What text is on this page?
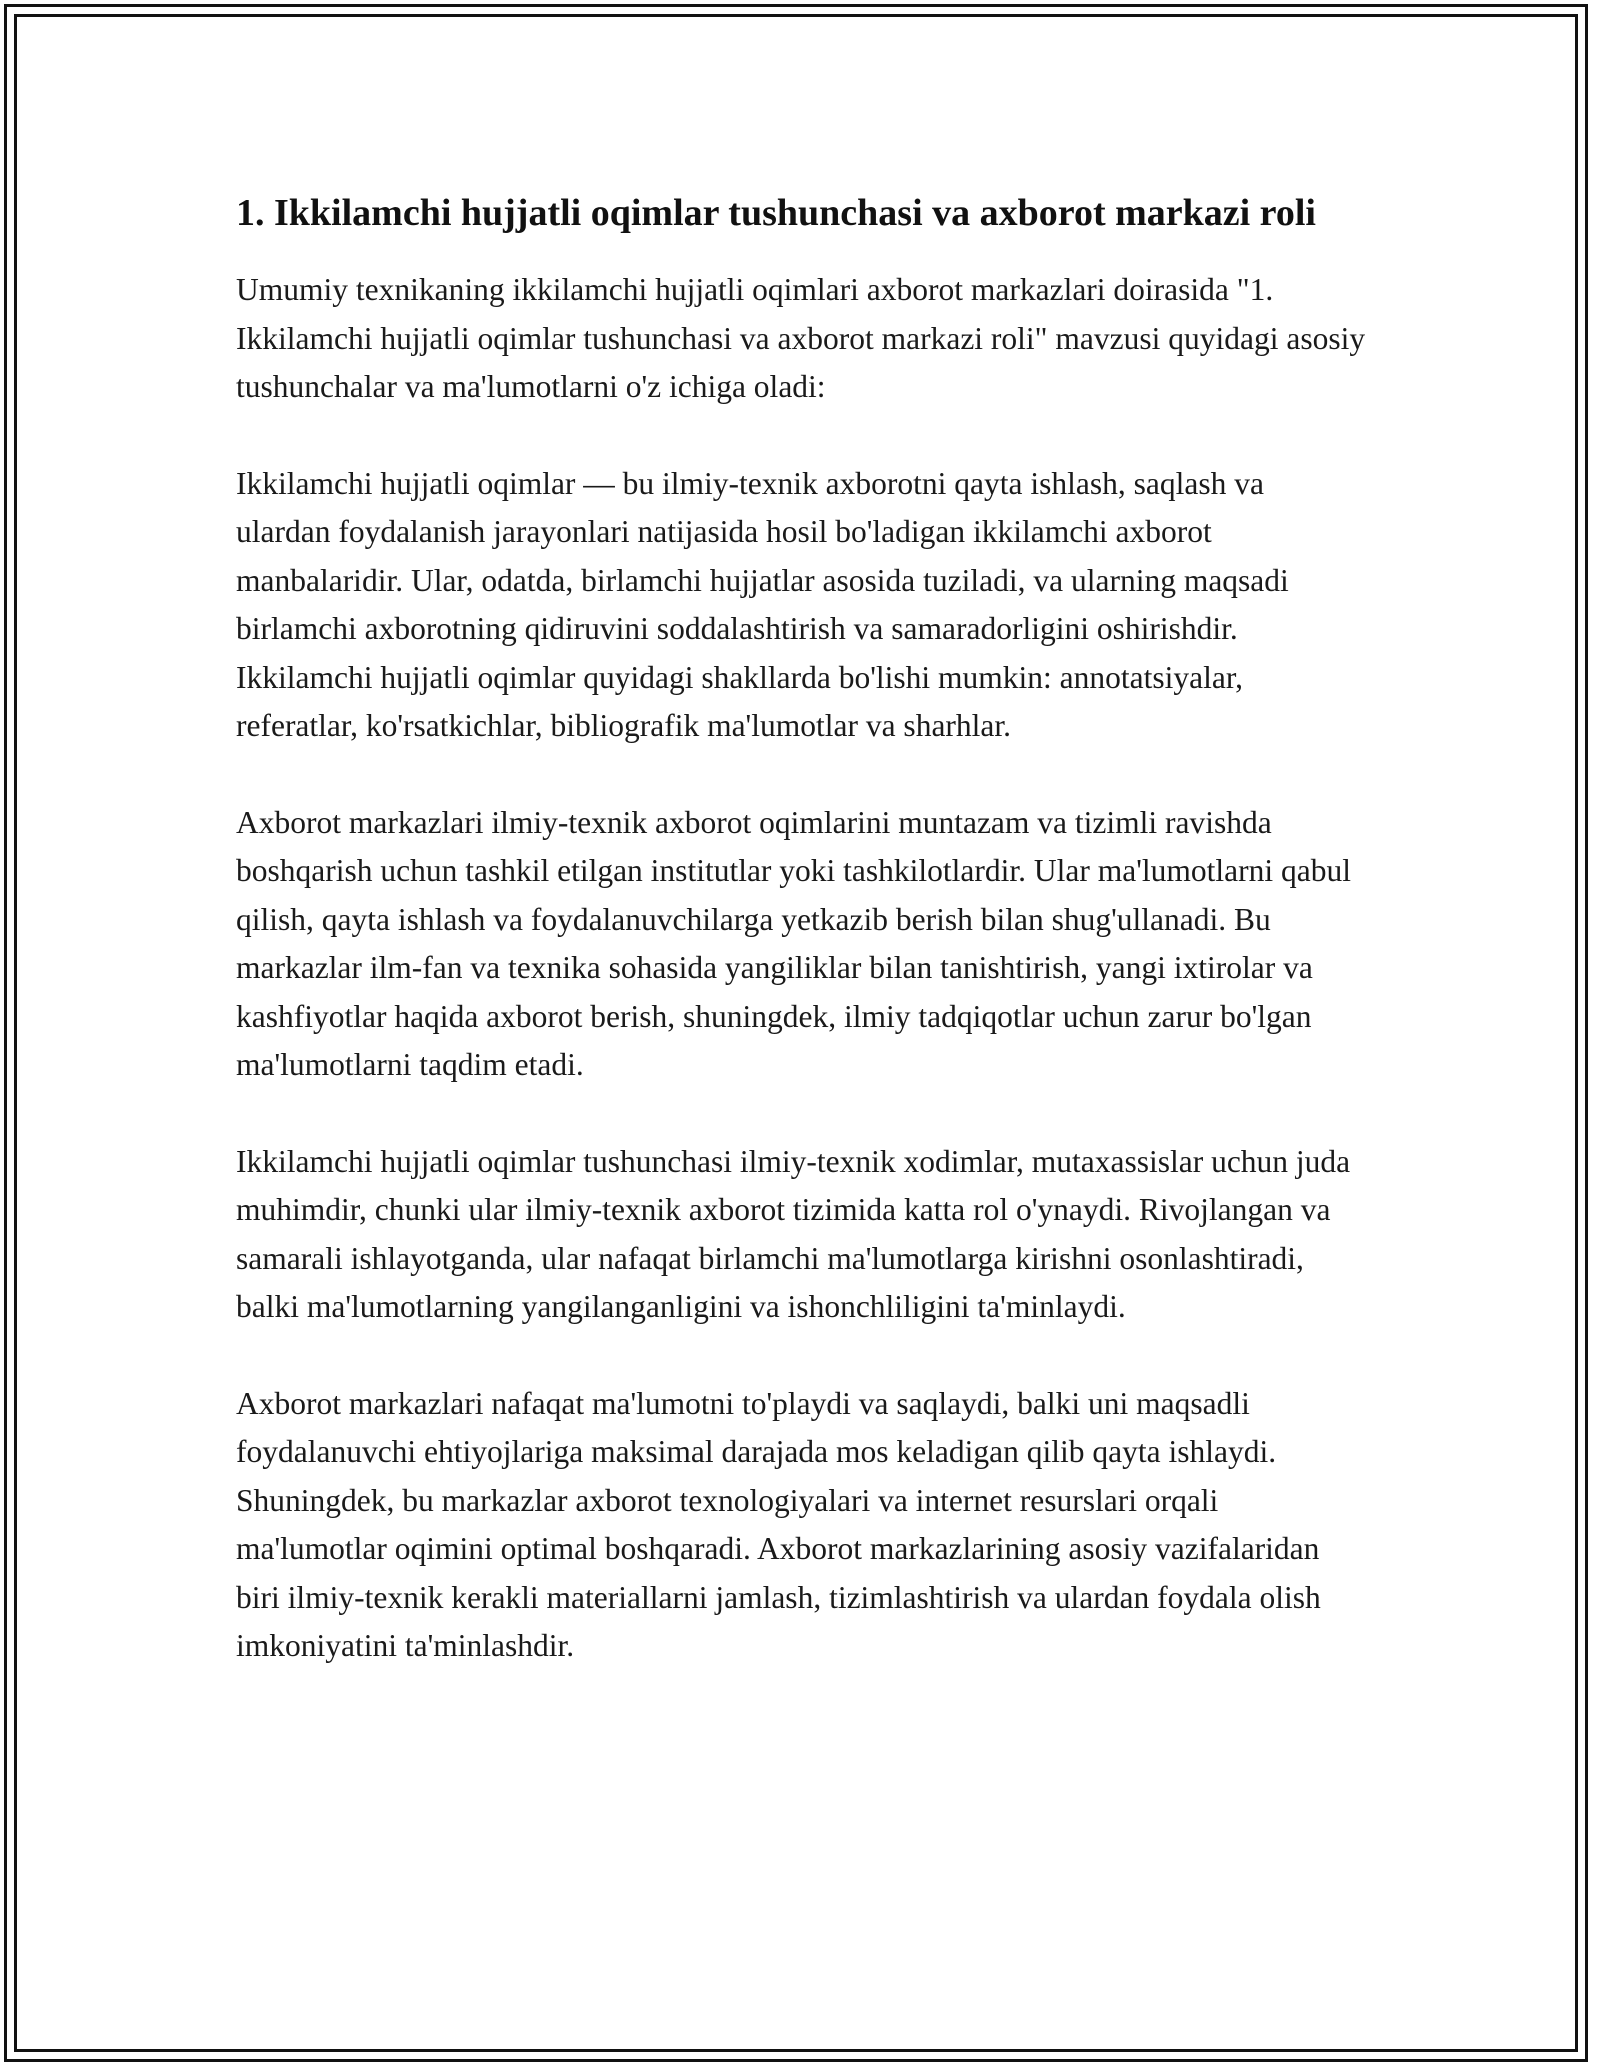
1. Ikkilamchi hujjatli oqimlar tushunchasi va axborot markazi roli

Umumiy texnikaning ikkilamchi hujjatli oqimlari axborot markazlari doirasida "1. Ikkilamchi hujjatli oqimlar tushunchasi va axborot markazi roli" mavzusi quyidagi asosiy tushunchalar va ma'lumotlarni o'z ichiga oladi:

Ikkilamchi hujjatli oqimlar — bu ilmiy-texnik axborotni qayta ishlash, saqlash va ulardan foydalanish jarayonlari natijasida hosil bo'ladigan ikkilamchi axborot manbalaridir. Ular, odatda, birlamchi hujjatlar asosida tuziladi, va ularning maqsadi birlamchi axborotning qidiruvini soddalashtirish va samaradorligini oshirishdir. Ikkilamchi hujjatli oqimlar quyidagi shakllarda bo'lishi mumkin: annotatsiyalar, referatlar, ko'rsatkichlar, bibliografik ma'lumotlar va sharhlar.

Axborot markazlari ilmiy-texnik axborot oqimlarini muntazam va tizimli ravishda boshqarish uchun tashkil etilgan institutlar yoki tashkilotlardir. Ular ma'lumotlarni qabul qilish, qayta ishlash va foydalanuvchilarga yetkazib berish bilan shug'ullanadi. Bu markazlar ilm-fan va texnika sohasida yangiliklar bilan tanishtirish, yangi ixtirolar va kashfiyotlar haqida axborot berish, shuningdek, ilmiy tadqiqotlar uchun zarur bo'lgan ma'lumotlarni taqdim etadi.

Ikkilamchi hujjatli oqimlar tushunchasi ilmiy-texnik xodimlar, mutaxassislar uchun juda muhimdir, chunki ular ilmiy-texnik axborot tizimida katta rol o'ynaydi. Rivojlangan va samarali ishlayotganda, ular nafaqat birlamchi ma'lumotlarga kirishni osonlashtiradi, balki ma'lumotlarning yangilanganligini va ishonchliligini ta'minlaydi.

Axborot markazlari nafaqat ma'lumotni to'playdi va saqlaydi, balki uni maqsadli foydalanuvchi ehtiyojlariga maksimal darajada mos keladigan qilib qayta ishlaydi. Shuningdek, bu markazlar axborot texnologiyalari va internet resurslari orqali ma'lumotlar oqimini optimal boshqaradi. Axborot markazlarining asosiy vazifalaridan biri ilmiy-texnik kerakli materiallarni jamlash, tizimlashtirish va ulardan foydala olish imkoniyatini ta'minlashdir.
